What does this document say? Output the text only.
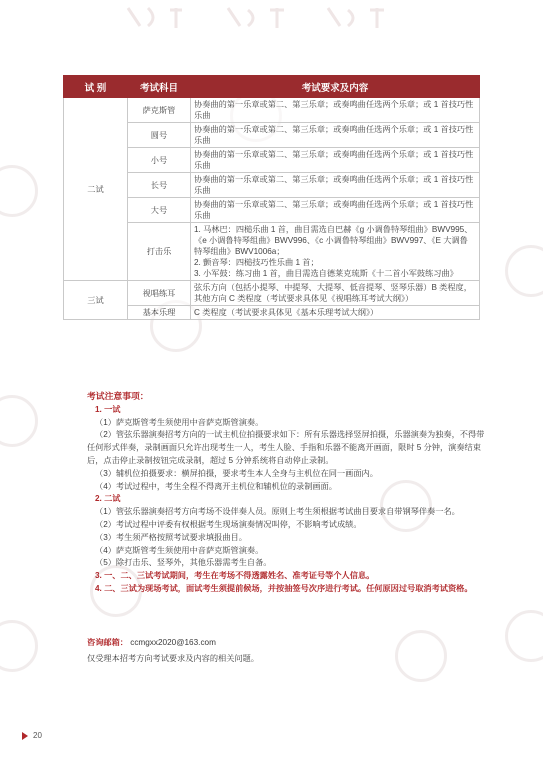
试 别	考试科目	考试要求及内容
二试	萨克斯管	协奏曲的第一乐章或第二、第三乐章；或奏鸣曲任选两个乐章；或 1 首技巧性乐曲
	圆号	协奏曲的第一乐章或第二、第三乐章；或奏鸣曲任选两个乐章；或 1 首技巧性乐曲
	小号	协奏曲的第一乐章或第二、第三乐章；或奏鸣曲任选两个乐章；或 1 首技巧性乐曲
	长号	协奏曲的第一乐章或第二、第三乐章；或奏鸣曲任选两个乐章；或 1 首技巧性乐曲
	大号	协奏曲的第一乐章或第二、第三乐章；或奏鸣曲任选两个乐章；或 1 首技巧性乐曲
	打击乐	1. 马林巴：四槌乐曲 1 首，曲目需选自巴赫《g 小调鲁特琴组曲》BWV995、《e 小调鲁特琴组曲》BWV996、《c 小调鲁特琴组曲》BWV997、《E 大调鲁特琴组曲》BWV1006a；
2. 颤音琴：四槌技巧性乐曲 1 首；
3. 小军鼓：练习曲 1 首，曲目需选自德莱克琉斯《十二首小军鼓练习曲》

三试	视唱练耳	弦乐方向（包括小提琴、中提琴、大提琴、低音提琴、竖琴乐器）B 类程度，其他方向 C 类程度（考试要求具体见《视唱练耳考试大纲》）
	基本乐理	C 类程度（考试要求具体见《基本乐理考试大纲》）
考试注意事项：
1. 一试
（1）萨克斯管考生须使用中音萨克斯管演奏。
（2）管弦乐器演奏招考方向的一试主机位拍摄要求如下：所有乐器选择竖屏拍摄，乐器演奏为独奏，不得带任何形式伴奏，录制画面只允许出现考生一人，考生人脸、手指和乐器不能离开画面，限时 5 分钟，演奏结束后，点击停止录制按钮完成录制，超过 5 分钟系统将自动停止录制。
（3）辅机位拍摄要求：横屏拍摄，要求考生本人全身与主机位在同一画面内。
（4）考试过程中，考生全程不得离开主机位和辅机位的录制画面。
2. 二试
（1）管弦乐器演奏招考方向考场不设伴奏人员。原则上考生须根据考试曲目要求自带钢琴伴奏一名。
（2）考试过程中评委有权根据考生现场演奏情况叫停，不影响考试成绩。
（3）考生须严格按照考试要求填报曲目。
（4）萨克斯管考生须使用中音萨克斯管演奏。
（5）除打击乐、竖琴外，其他乐器需考生自备。
3. 一、二、三试考试期间，考生在考场不得透露姓名、准考证号等个人信息。
4. 二、三试为现场考试，面试考生须提前候场，并按抽签号次序进行考试。任何原因过号取消考试资格。
咨询邮箱： ccmgxx2020@163.com
仅受理本招考方向考试要求及内容的相关问题。
20
